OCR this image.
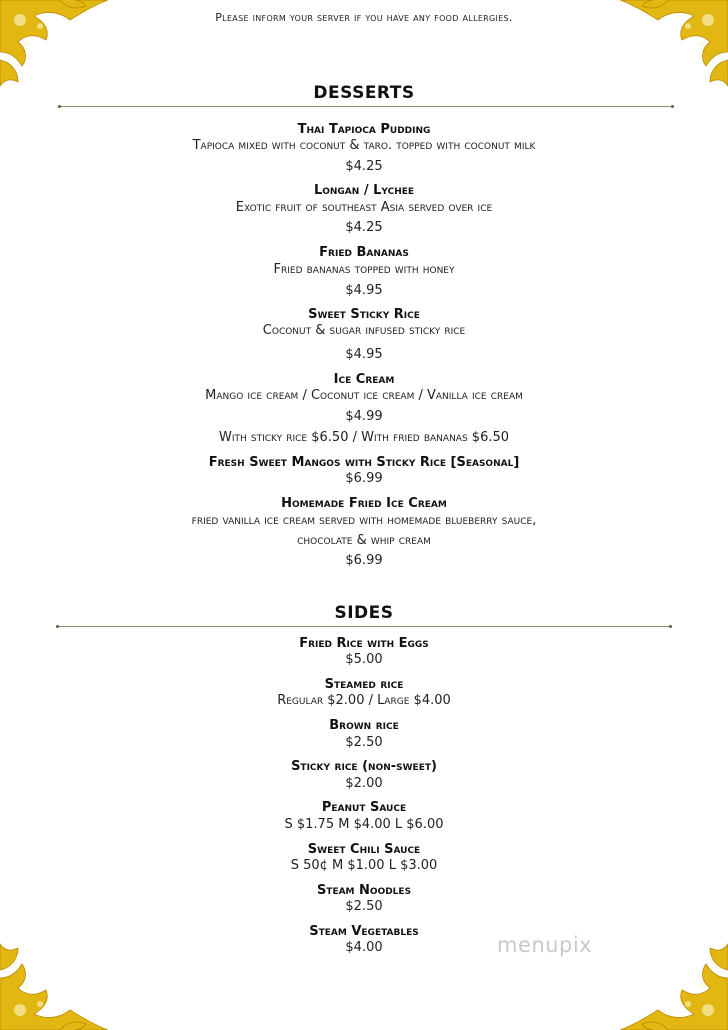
Please inform your server if you have any food allergies.
DESSERTS
Thai Tapioca Pudding
Tapioca mixed with coconut & taro. topped with coconut milk
$4.25
Longan / Lychee
Exotic fruit of southeast Asia served over ice
$4.25
Fried Bananas
Fried bananas topped with honey
$4.95
Sweet Sticky Rice
Coconut & sugar infused sticky rice
$4.95
Ice Cream
Mango ice cream / Coconut ice cream / Vanilla ice cream
$4.99
With sticky rice $6.50 / With fried bananas $6.50
Fresh Sweet Mangos with Sticky Rice [Seasonal]
$6.99
Homemade Fried Ice Cream
fried vanilla ice cream served with homemade blueberry sauce,
chocolate & whip cream
$6.99
SIDES
Fried Rice with Eggs
$5.00
Steamed rice
Regular $2.00 / Large $4.00
Brown rice
$2.50
Sticky rice (non-sweet)
$2.00
Peanut Sauce
S $1.75 M $4.00 L $6.00
Sweet Chili Sauce
S 50¢ M $1.00 L $3.00
Steam Noodles
$2.50
Steam Vegetables
$4.00	menupix
